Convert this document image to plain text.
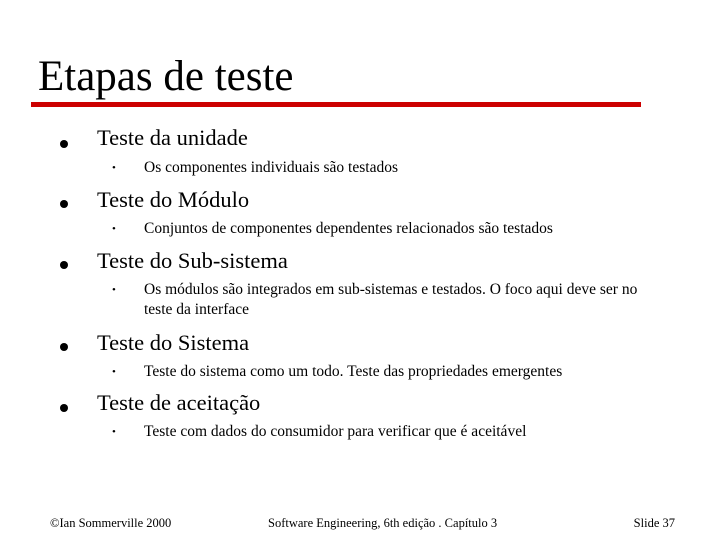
Etapas de teste
Teste da unidade
• Os componentes individuais são testados
Teste do Módulo
• Conjuntos de componentes dependentes relacionados são testados
Teste do Sub-sistema
• Os módulos são integrados em sub-sistemas e testados. O foco aqui deve ser no teste da interface
Teste do Sistema
• Teste do sistema como um todo. Teste das propriedades emergentes
Teste de aceitação
• Teste com dados do consumidor para verificar que é aceitável
©Ian Sommerville 2000	Software Engineering, 6th edição . Capítulo 3	Slide 37
